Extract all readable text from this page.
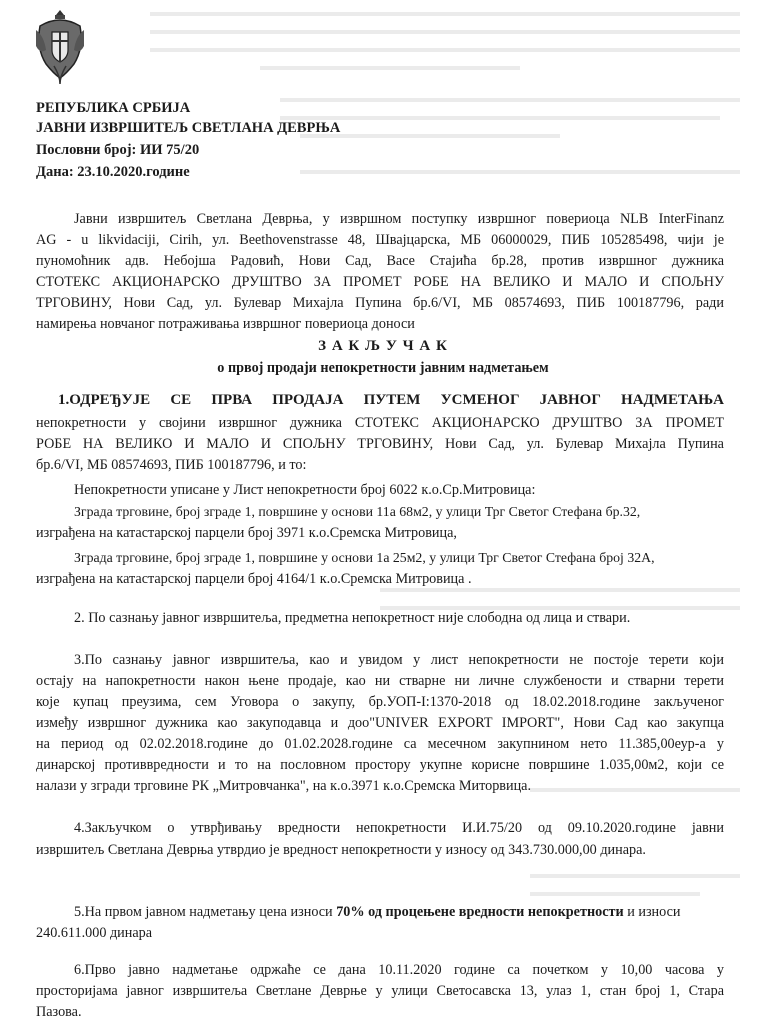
РЕПУБЛИКА СРБИЈА
ЈАВНИ ИЗВРШИТЕЉ СВЕТЛАНА ДЕВРЊА
Пословни број: ИИ 75/20
Дана: 23.10.2020.године
Јавни извршитељ Светлана Деврња, у извршном поступку извршног повериоца NLB InterFinanz
AG - u likvidaciji, Cirih, ул. Beethovenstrasse 48, Швајцарска, МБ 06000029, ПИБ 105285498, чији је
пуномоћник адв. Небојша Радовић, Нови Сад, Васе Стајића бр.28, против извршног дужника
СТОТЕКС АКЦИОНАРСКО ДРУШТВО ЗА ПРОМЕТ РОБЕ НА ВЕЛИКО И МАЛО И СПОЉНУ
ТРГОВИНУ, Нови Сад, ул. Булевар Михајла Пупина бр.6/VI, МБ 08574693, ПИБ 100187796, ради
намирења новчаног потраживања извршног повериоца доноси
З А К Љ У Ч А К
о првој продаји непокретности јавним надметањем
1.ОДРЕЂУЈЕ СЕ ПРВА ПРОДАЈА ПУТЕМ УСМЕНОГ ЈАВНОГ НАДМЕТАЊА
непокретности у својини извршног дужника СТОТЕКС АКЦИОНАРСКО ДРУШТВО ЗА ПРОМЕТ
РОБЕ НА ВЕЛИКО И МАЛО И СПОЉНУ ТРГОВИНУ, Нови Сад, ул. Булевар Михајла Пупина
бр.6/VI, МБ 08574693, ПИБ 100187796, и то:
Непокретности уписане у Лист непокретности број 6022 к.о.Ср.Митровица:
Зграда трговине, број зграде 1, површине у основи 11а 68м2, у улици Трг Светог Стефана бр.32,
изграђена на катастарској парцели број 3971 к.о.Сремска Митровица,
Зграда трговине, број зграде 1, површине у основи 1а 25м2, у улици Трг Светог Стефана број 32А,
изграђена на катастарској парцели број 4164/1 к.о.Сремска Митровица .
2. По сазнању јавног извршитеља, предметна непокретност није слободна од лица и ствари.
3.По сазнању јавног извршитеља, као и увидом у лист непокретности не постоје терети који
остају на напокретности након њене продаје, као ни стварне ни личне службености и стварни терети
које купац преузима, сем Уговора о закупу, бр.УОП-I:1370-2018 од 18.02.2018.године закљученог
између извршног дужника као закуподавца и доо"UNIVER EXPORT IMPORT", Нови Сад као закупца
на период од 02.02.2018.године до 01.02.2028.године са месечном закупнином нето 11.385,00еур-а у
динарској противвредности и то на пословном простору укупне корисне површине 1.035,00м2, који се
налази у згради трговине РК „Митровчанка", на к.о.3971 к.о.Сремска Миторвица.
4.Закључком о утврђивању вредности непокретности И.И.75/20 од 09.10.2020.године јавни
извршитељ Светлана Деврња утврдио је вредност непокретности у износу од 343.730.000,00 динара.
5.На првом јавном надметању цена износи 70% од процењене вредности непокретности и износи
240.611.000 динара
6.Прво јавно надметање одржаће се дана 10.11.2020 године са почетком у 10,00 часова у
просторијама јавног извршитеља Светлане Деврње у улици Светосавска 13, улаз 1, стан број 1, Стара
Пазова.
